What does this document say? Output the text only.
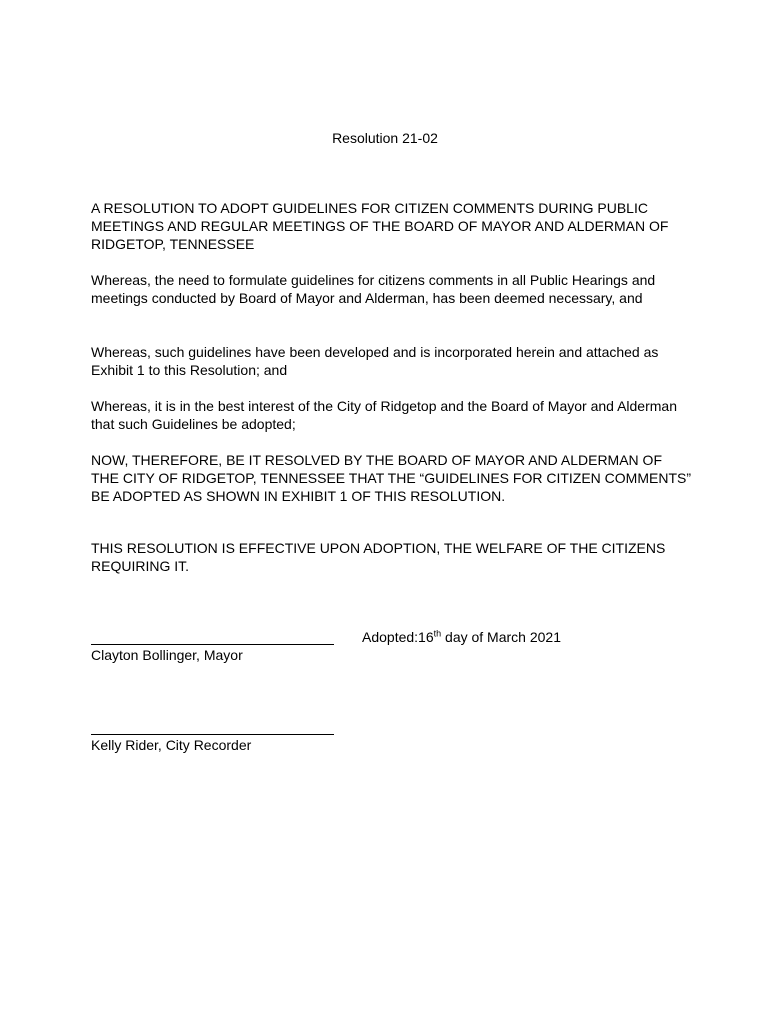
Resolution 21-02

A RESOLUTION TO ADOPT GUIDELINES FOR CITIZEN COMMENTS DURING PUBLIC MEETINGS AND REGULAR MEETINGS OF THE BOARD OF MAYOR AND ALDERMAN OF RIDGETOP, TENNESSEE

Whereas, the need to formulate guidelines for citizens comments in all Public Hearings and meetings conducted by Board of Mayor and Alderman, has been deemed necessary, and

Whereas, such guidelines have been developed and is incorporated herein and attached as Exhibit 1 to this Resolution; and

Whereas, it is in the best interest of the City of Ridgetop and the Board of Mayor and Alderman that such Guidelines be adopted;

NOW, THEREFORE, BE IT RESOLVED BY THE BOARD OF MAYOR AND ALDERMAN OF THE CITY OF RIDGETOP, TENNESSEE THAT THE “GUIDELINES FOR CITIZEN COMMENTS” BE ADOPTED AS SHOWN IN EXHIBIT 1 OF THIS RESOLUTION.

THIS RESOLUTION IS EFFECTIVE UPON ADOPTION, THE WELFARE OF THE CITIZENS REQUIRING IT.

Clayton Bollinger, Mayor
Adopted:16th day of March 2021
Kelly Rider, City Recorder
